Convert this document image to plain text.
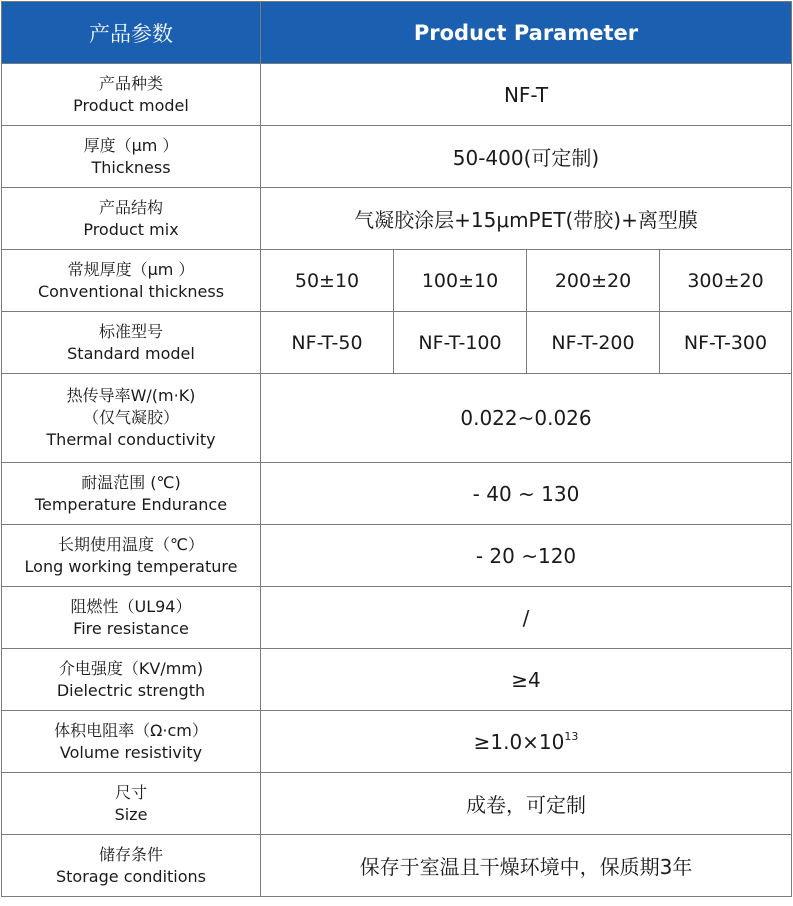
产品参数	Product Parameter			

产品种类
Product model	NF-T			

厚度（μm ）
Thickness	50-400(可定制)			

产品结构
Product mix	气凝胶涂层+15μmPET(带胶)+离型膜			

常规厚度（μm ）
Conventional thickness	50±10	100±10	200±20	300±20

标准型号
Standard model	NF-T-50	NF-T-100	NF-T-200	NF-T-300

热传导率W/(m·K)
（仅气凝胶）
Thermal conductivity	0.022~0.026			

耐温范围 (℃)
Temperature Endurance	- 40 ~ 130			

长期使用温度（℃）
Long working temperature	- 20 ~120			

阻燃性（UL94）
Fire resistance	/			

介电强度（KV/mm)
Dielectric strength	≥4			

体积电阻率（Ω·cm）
Volume resistivity	$\ge 1.0\times 10^{13}$

尺寸
Size	成卷，可定制			

储存条件
Storage conditions	保存于室温且干燥环境中，保质期3年			
